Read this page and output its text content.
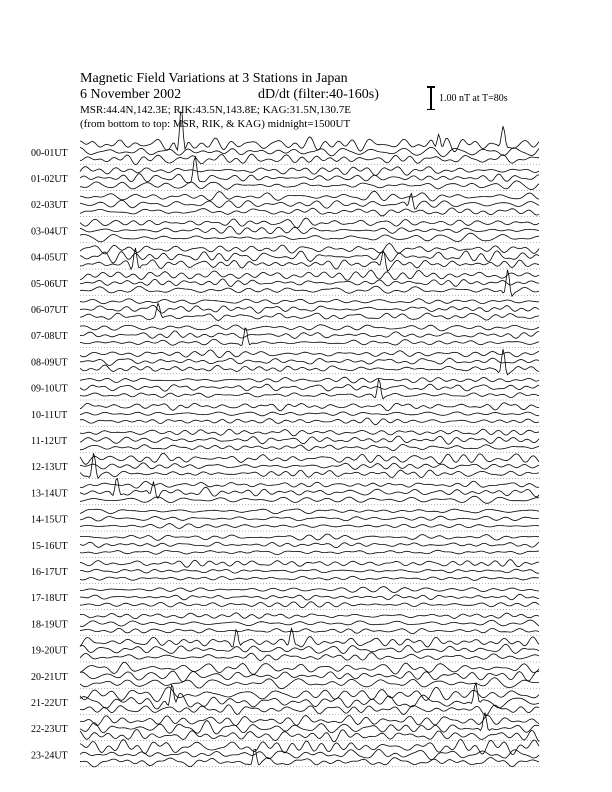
Magnetic Field Variations at 3 Stations in Japan
6 November 2002	dD/dt (filter:40-160s)
MSR:44.4N,142.3E; RIK:43.5N,143.8E; KAG:31.5N,130.7E
(from bottom to top: MSR, RIK, & KAG) midnight=1500UT
1.00 nT at T=80s
00-01UT
01-02UT
02-03UT
03-04UT
04-05UT
05-06UT
06-07UT
07-08UT
08-09UT
09-10UT
10-11UT
11-12UT
12-13UT
13-14UT
14-15UT
15-16UT
16-17UT
17-18UT
18-19UT
19-20UT
20-21UT
21-22UT
22-23UT
23-24UT
